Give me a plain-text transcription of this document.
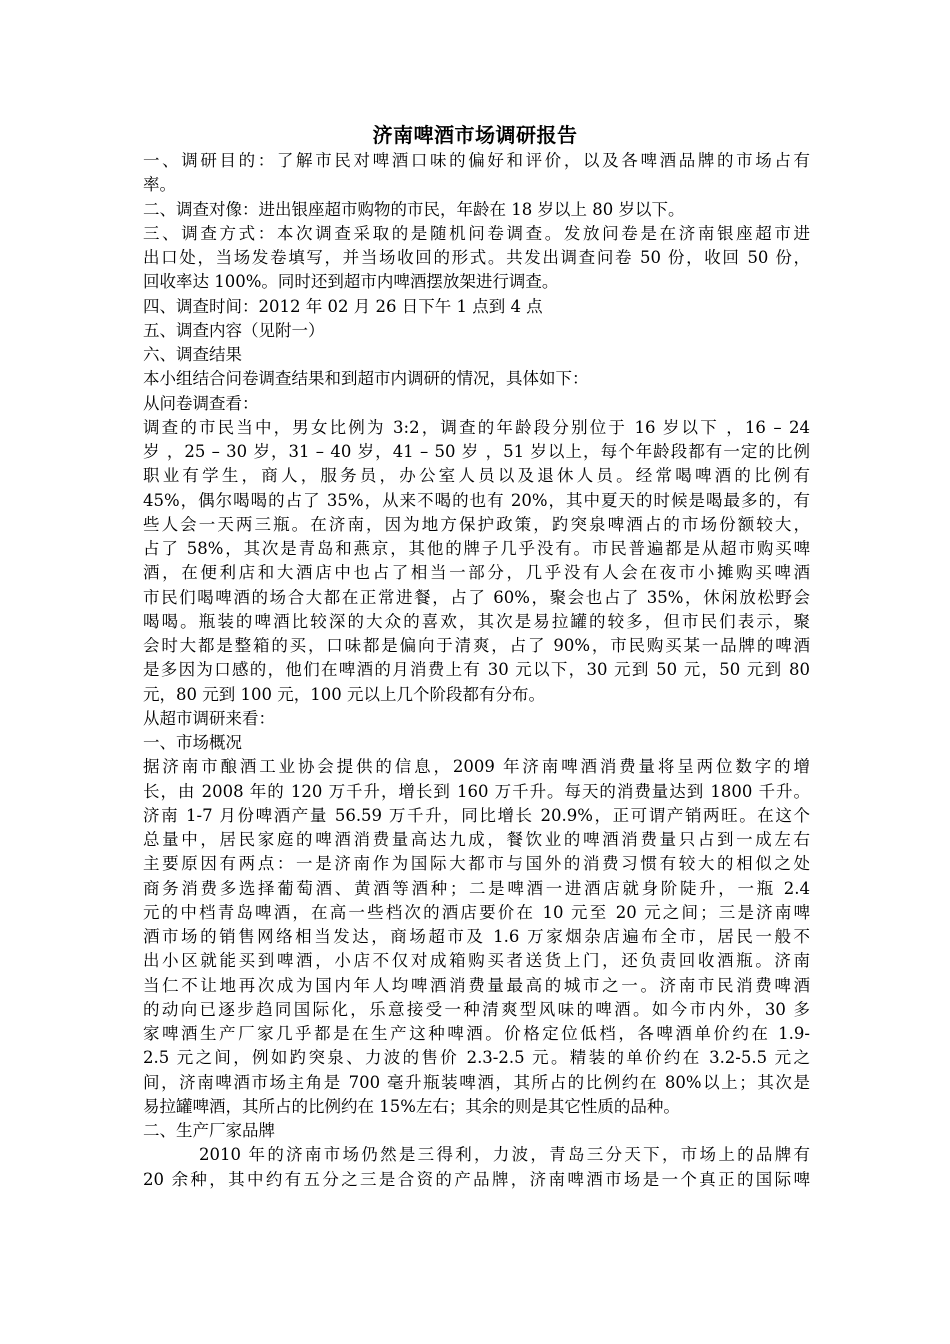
济南啤酒市场调研报告
一、调研目的：了解市民对啤酒口味的偏好和评价，以及各啤酒品牌的市场占有
率。
二、调查对像：进出银座超市购物的市民，年龄在 18 岁以上 80 岁以下。
三、调查方式：本次调查采取的是随机问卷调查。发放问卷是在济南银座超市进
出口处，当场发卷填写，并当场收回的形式。共发出调查问卷 50 份，收回 50 份，
回收率达 100%。同时还到超市内啤酒摆放架进行调查。
四、调查时间：2012 年 02 月 26 日下午 1 点到 4 点
五、调查内容（见附一）
六、调查结果
本小组结合问卷调查结果和到超市内调研的情况，具体如下：
从问卷调查看：
调查的市民当中，男女比例为 3:2，调查的年龄段分别位于 16 岁以下 ，16 – 24
岁 ，25 – 30 岁，31 – 40 岁，41 – 50 岁 ，51 岁以上，每个年龄段都有一定的比例
职业有学生，商人，服务员，办公室人员以及退休人员。经常喝啤酒的比例有
45%，偶尔喝喝的占了 35%，从来不喝的也有 20%，其中夏天的时候是喝最多的，有
些人会一天两三瓶。在济南，因为地方保护政策，趵突泉啤酒占的市场份额较大，
占了 58%，其次是青岛和燕京，其他的牌子几乎没有。市民普遍都是从超市购买啤
酒，在便利店和大酒店中也占了相当一部分，几乎没有人会在夜市小摊购买啤酒
市民们喝啤酒的场合大都在正常进餐，占了 60%，聚会也占了 35%，休闲放松野会
喝喝。瓶装的啤酒比较深的大众的喜欢，其次是易拉罐的较多，但市民们表示，聚
会时大都是整箱的买，口味都是偏向于清爽，占了 90%，市民购买某一品牌的啤酒
是多因为口感的，他们在啤酒的月消费上有 30 元以下，30 元到 50 元，50 元到 80
元，80 元到 100 元，100 元以上几个阶段都有分布。
从超市调研来看：
一、市场概况
据济南市酿酒工业协会提供的信息，2009 年济南啤酒消费量将呈两位数字的增
长，由 2008 年的 120 万千升，增长到 160 万千升。每天的消费量达到 1800 千升。
济南 1-7 月份啤酒产量 56.59 万千升，同比增长 20.9%，正可谓产销两旺。在这个
总量中，居民家庭的啤酒消费量高达九成，餐饮业的啤酒消费量只占到一成左右
主要原因有两点：一是济南作为国际大都市与国外的消费习惯有较大的相似之处
商务消费多选择葡萄酒、黄酒等酒种；二是啤酒一进酒店就身阶陡升，一瓶 2.4
元的中档青岛啤酒，在高一些档次的酒店要价在 10 元至 20 元之间；三是济南啤
酒市场的销售网络相当发达，商场超市及 1.6 万家烟杂店遍布全市，居民一般不
出小区就能买到啤酒，小店不仅对成箱购买者送货上门，还负责回收酒瓶。济南
当仁不让地再次成为国内年人均啤酒消费量最高的城市之一。济南市民消费啤酒
的动向已逐步趋同国际化，乐意接受一种清爽型风味的啤酒。如今市内外，30 多
家啤酒生产厂家几乎都是在生产这种啤酒。价格定位低档，各啤酒单价约在 1.9-
2.5 元之间，例如趵突泉、力波的售价 2.3-2.5 元。精装的单价约在 3.2-5.5 元之
间，济南啤酒市场主角是 700 毫升瓶装啤酒，其所占的比例约在 80%以上；其次是
易拉罐啤酒，其所占的比例约在 15%左右；其余的则是其它性质的品种。
二、生产厂家品牌
2010 年的济南市场仍然是三得利，力波，青岛三分天下，市场上的品牌有
20 余种，其中约有五分之三是合资的产品牌，济南啤酒市场是一个真正的国际啤
